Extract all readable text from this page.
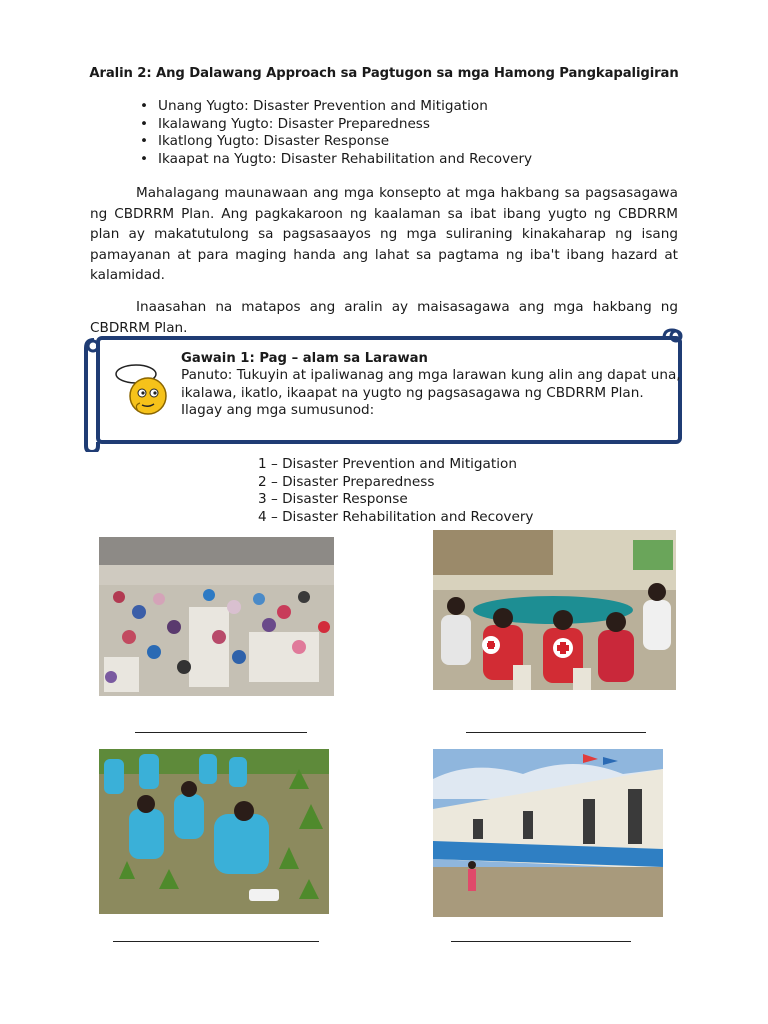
Aralin 2: Ang Dalawang Approach sa Pagtugon sa mga Hamong Pangkapaligiran
• Unang Yugto: Disaster Prevention and Mitigation
• Ikalawang Yugto: Disaster Preparedness
• Ikatlong Yugto: Disaster Response
• Ikaapat na Yugto: Disaster Rehabilitation and Recovery

Mahalagang maunawaan ang mga konsepto at mga hakbang sa pagsasagawa ng CBDRRM Plan. Ang pagkakaroon ng kaalaman sa ibat ibang yugto ng CBDRRM plan ay makatutulong sa pagsasaayos ng mga suliraning kinakaharap ng isang pamayanan at para maging handa ang lahat sa pagtama ng iba't ibang hazard at kalamidad.

Inaasahan na matapos ang aralin ay maisasagawa ang mga hakbang ng CBDRRM Plan.

Gawain 1: Pag – alam sa Larawan
Panuto: Tukuyin at ipaliwanag ang mga larawan kung alin ang dapat una, ikalawa, ikatlo, ikaapat na yugto ng pagsasagawa ng CBDRRM Plan. Ilagay ang mga sumusunod:
1 – Disaster Prevention and Mitigation
2 – Disaster Preparedness
3 – Disaster Response
4 – Disaster Rehabilitation and Recovery
